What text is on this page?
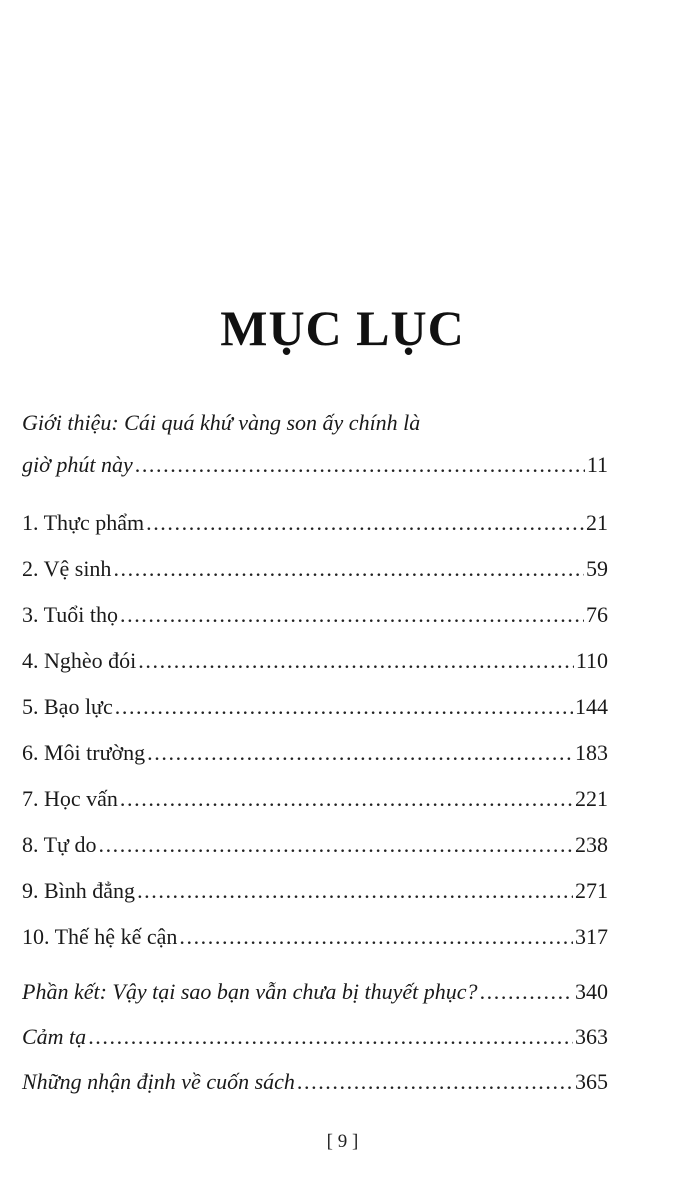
MỤC LỤC
Giới thiệu: Cái quá khứ vàng son ấy chính là
giờ phút này .....	11
1. Thực phẩm .....	21
2. Vệ sinh .....	59
3. Tuổi thọ .....	76
4. Nghèo đói .....	110
5. Bạo lực .....	144
6. Môi trường .....	183
7. Học vấn .....	221
8. Tự do .....	238
9. Bình đẳng .....	271
10. Thế hệ kế cận .....	317
Phần kết: Vậy tại sao bạn vẫn chưa bị thuyết phục? .....	340
Cảm tạ .....	363
Những nhận định về cuốn sách .....	365
[ 9 ]
